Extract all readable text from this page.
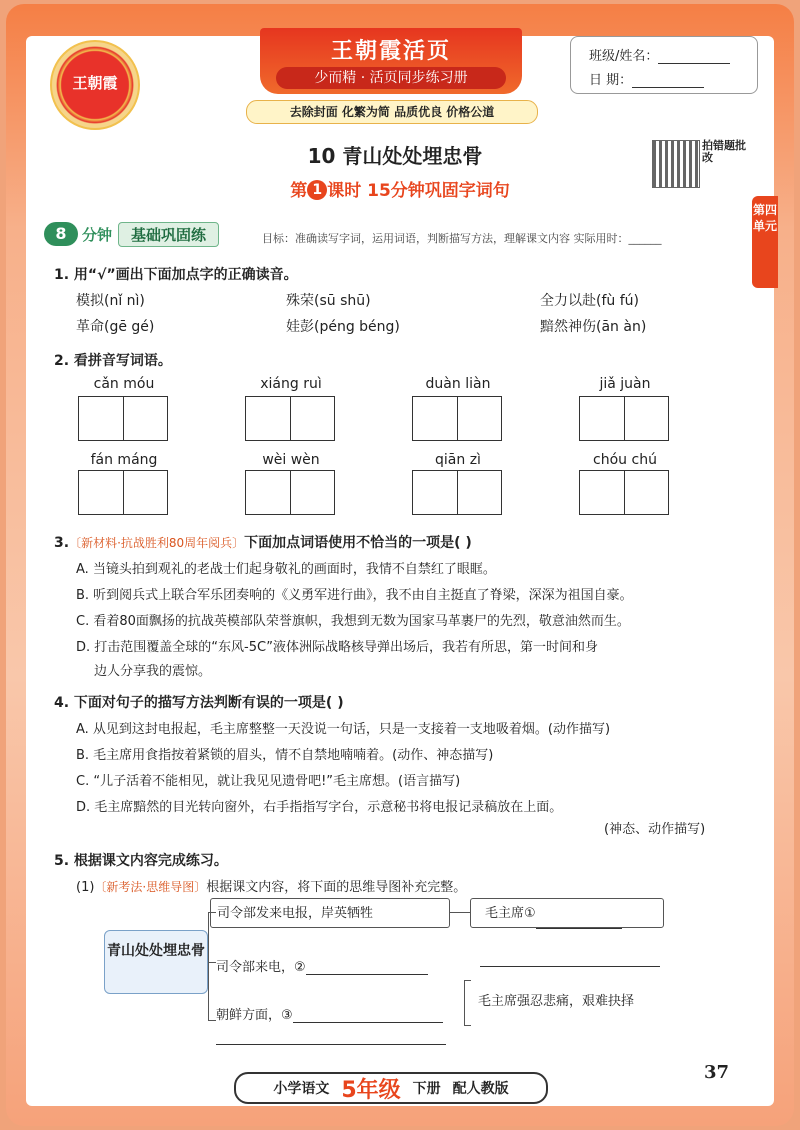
王朝霞
王朝霞活页
少而精 · 活页同步练习册
去除封面 化繁为简 品质优良 价格公道
班级/姓名：
日 期：
10 青山处处埋忠骨	拍错题批改
第 1 课时 15分钟巩固字词句
第四单元
8	分钟	基础巩固练	目标：准确读写字词，运用词语，判断描写方法，理解课文内容 实际用时：______
1. 用“√”画出下面加点字的正确读音。
模拟(nǐ nì)	殊荣(sū shū)	全力以赴(fù fú)
革命(gē gé)	娃彭(péng béng)	黯然神伤(ān àn)
2. 看拼音写词语。
cǎn móu	xiáng ruì	duàn liàn	jiǎ juàn
fán máng	wèi wèn	qiān zì	chóu chú
3.〔新材料·抗战胜利80周年阅兵〕下面加点词语使用不恰当的一项是( )
A. 当镜头拍到观礼的老战士们起身敬礼的画面时，我情不自禁红了眼眶。
B. 听到阅兵式上联合军乐团奏响的《义勇军进行曲》，我不由自主挺直了脊梁，深深为祖国自豪。
C. 看着80面飘扬的抗战英模部队荣誉旗帜，我想到无数为国家马革裹尸的先烈，敬意油然而生。
D. 打击范围覆盖全球的“东风-5C”液体洲际战略核导弹出场后，我若有所思，第一时间和身
边人分享我的震惊。
4. 下面对句子的描写方法判断有误的一项是( )
A. 从见到这封电报起，毛主席整整一天没说一句话，只是一支接着一支地吸着烟。(动作描写)
B. 毛主席用食指按着紧锁的眉头，情不自禁地喃喃着。(动作、神态描写)
C. “儿子活着不能相见，就让我见见遗骨吧!”毛主席想。(语言描写)
D. 毛主席黯然的目光转向窗外，右手指指写字台，示意秘书将电报记录稿放在上面。
(神态、动作描写)
5. 根据课文内容完成练习。
(1)〔新考法·思维导图〕根据课文内容，将下面的思维导图补充完整。
青山处处埋忠骨
司令部发来电报，岸英牺牲
司令部来电，②
朝鲜方面，③
毛主席①
毛主席强忍悲痛，艰难抉择
小学语文 5年级 下册 配人教版
37
